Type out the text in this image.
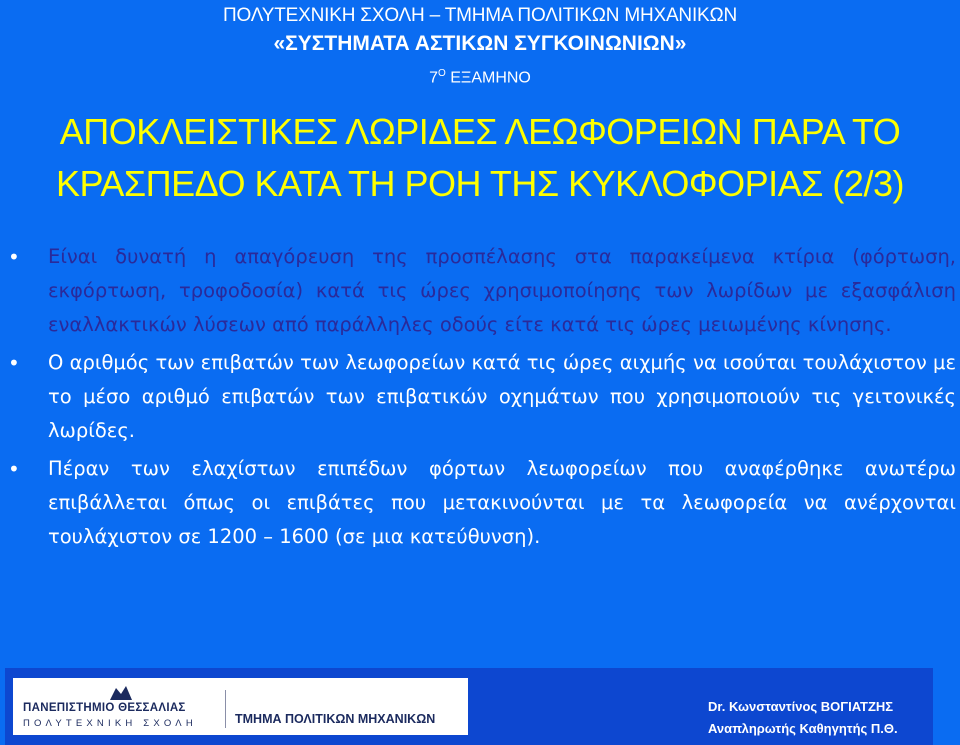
ΠΟΛΥΤΕΧΝΙΚΗ ΣΧΟΛΗ – ΤΜΗΜΑ ΠΟΛΙΤΙΚΩΝ ΜΗΧΑΝΙΚΩΝ
«ΣΥΣΤΗΜΑΤΑ ΑΣΤΙΚΩΝ ΣΥΓΚΟΙΝΩΝΙΩΝ»
$7^O$ ΕΞΑΜΗΝΟ
ΑΠΟΚΛΕΙΣΤΙΚΕΣ ΛΩΡΙΔΕΣ ΛΕΩΦΟΡΕΙΩΝ ΠΑΡΑ ΤΟ
ΚΡΑΣΠΕΔΟ ΚΑΤΑ ΤΗ ΡΟΗ ΤΗΣ ΚΥΚΛΟΦΟΡΙΑΣ (2/3)
• Είναι δυνατή η απαγόρευση της προσπέλασης στα παρακείμενα κτίρια (φόρτωση, εκφόρτωση, τροφοδοσία) κατά τις ώρες χρησιμοποίησης των λωρίδων με εξασφάλιση εναλλακτικών λύσεων από παράλληλες οδούς είτε κατά τις ώρες μειωμένης κίνησης.
• Ο αριθμός των επιβατών των λεωφορείων κατά τις ώρες αιχμής να ισούται τουλάχιστον με το μέσο αριθμό επιβατών των επιβατικών οχημάτων που χρησιμοποιούν τις γειτονικές λωρίδες.
• Πέραν των ελαχίστων επιπέδων φόρτων λεωφορείων που αναφέρθηκε ανωτέρω επιβάλλεται όπως οι επιβάτες που μετακινούνται με τα λεωφορεία να ανέρχονται τουλάχιστον σε 1200 – 1600 (σε μια κατεύθυνση).
ΠΑΝΕΠΙΣΤΗΜΙΟ ΘΕΣΣΑΛΙΑΣ
ΠΟΛΥΤΕΧΝΙΚΗ ΣΧΟΛΗ	ΤΜΗΜΑ ΠΟΛΙΤΙΚΩΝ ΜΗΧΑΝΙΚΩΝ
Dr. Κωνσταντίνος ΒΟΓΙΑΤΖΗΣ
Αναπληρωτής Καθηγητής Π.Θ.
